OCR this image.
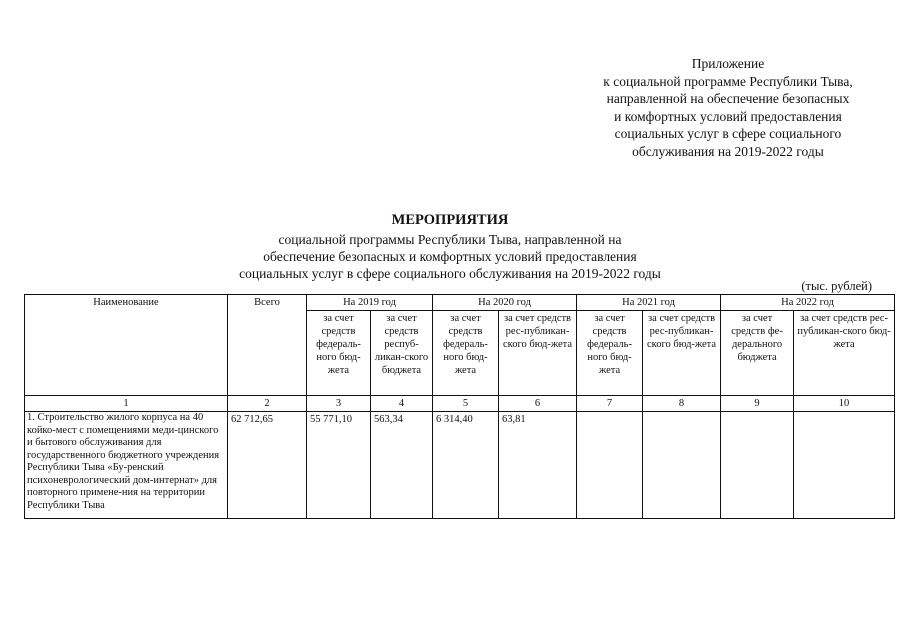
Приложение
к социальной программе Республики Тыва,
направленной на обеспечение безопасных
и комфортных условий предоставления
социальных услуг в сфере социального
обслуживания на 2019-2022 годы
МЕРОПРИЯТИЯ
социальной программы Республики Тыва, направленной на
обеспечение безопасных и комфортных условий предоставления
социальных услуг в сфере социального обслуживания на 2019-2022 годы
(тыс. рублей)
Наименование	Всего	На 2019 год		На 2020 год		На 2021 год		На 2022 год	
		за счет средств федераль-ного бюд-жета	за счет средств респуб-ликан-ского бюджета	за счет средств федераль-ного бюд-жета	за счет средств рес-публикан-ского бюд-жета	за счет средств федераль-ного бюд-жета	за счет средств рес-публикан-ского бюд-жета	за счет средств фе-дерального бюджета	за счет средств рес-публикан-ского бюд-жета
1	2	3	4	5	6	7	8	9	10
1. Строительство жилого корпуса на 40 койко-мест с помещениями меди-цинского и бытового обслуживания для государственного бюджетного учреждения Республики Тыва «Бу-ренский психоневрологический дом-интернат» для повторного примене-ния на территории Республики Тыва	62 712,65	55 771,10	563,34	6 314,40	63,81				
